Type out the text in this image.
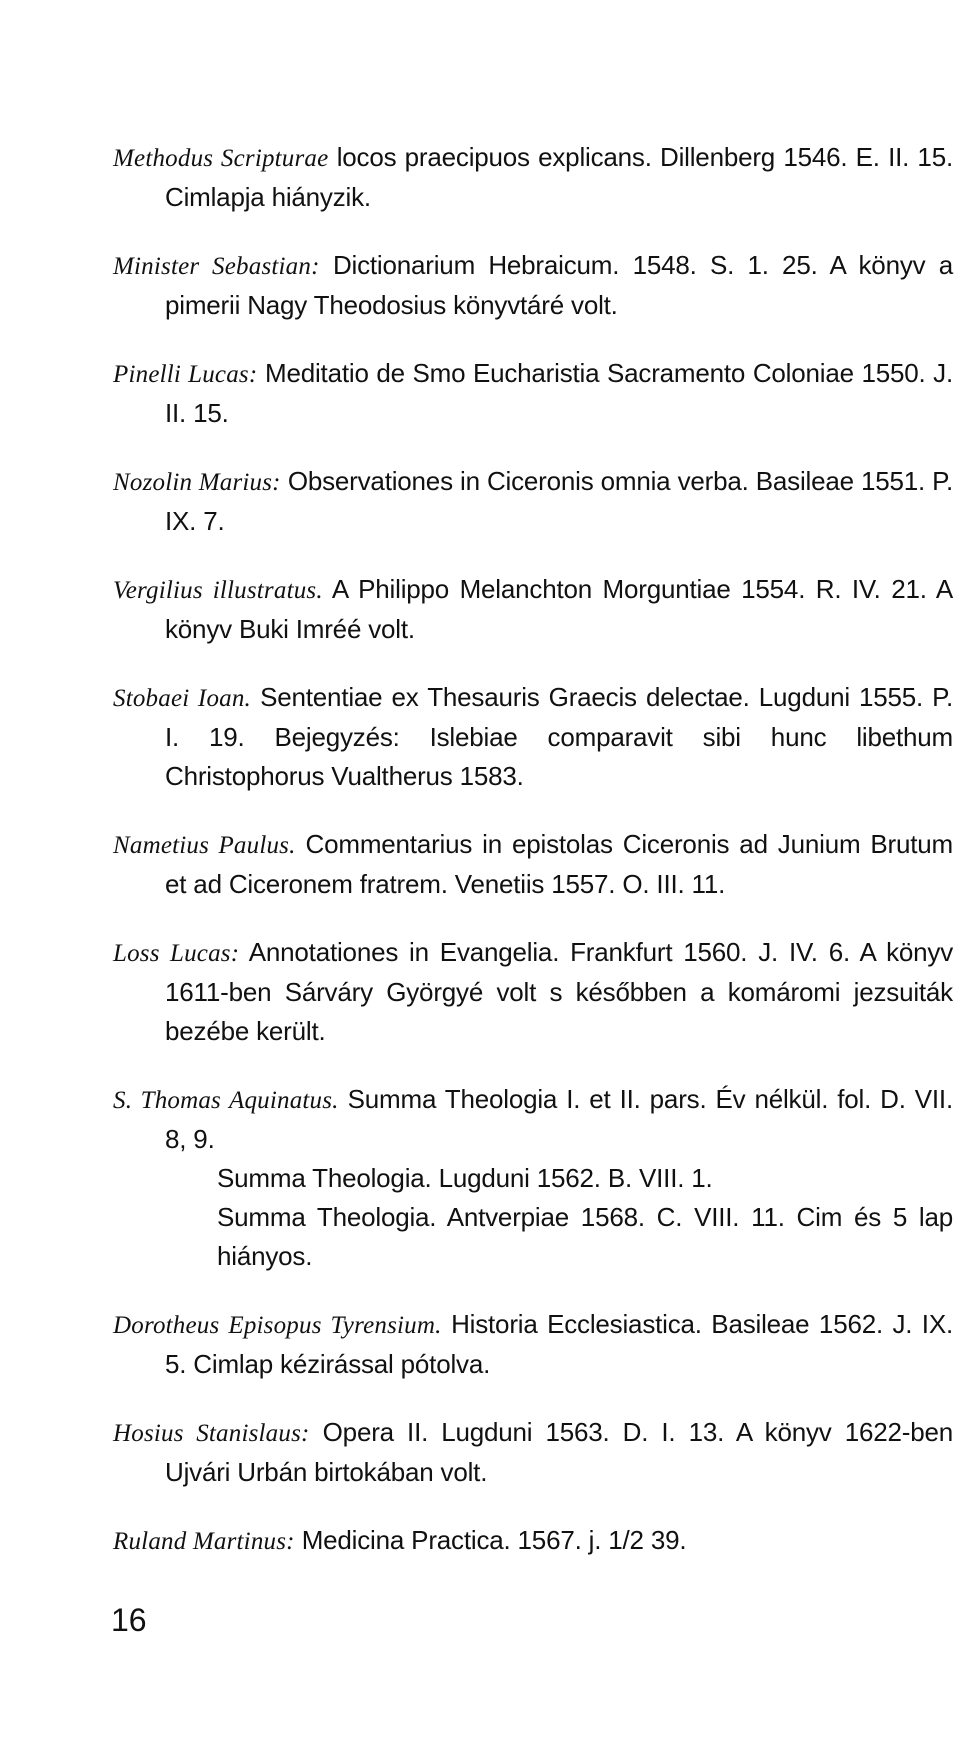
Methodus Scripturae locos praecipuos explicans. Dillenberg 1546. E. II. 15. Cimlapja hiányzik.

Minister Sebastian: Dictionarium Hebraicum. 1548. S. 1. 25. A könyv a pimerii Nagy Theodosius könyvtáré volt.

Pinelli Lucas: Meditatio de Smo Eucharistia Sacramento Coloniae 1550. J. II. 15.

Nozolin Marius: Observationes in Ciceronis omnia verba. Basileae 1551. P. IX. 7.

Vergilius illustratus. A Philippo Melanchton Morguntiae 1554. R. IV. 21. A könyv Buki Imréé volt.

Stobaei Ioan. Sententiae ex Thesauris Graecis delectae. Lugduni 1555. P. I. 19. Bejegyzés: Islebiae comparavit sibi hunc libethum Christophorus Vualtherus 1583.

Nametius Paulus. Commentarius in epistolas Ciceronis ad Junium Brutum et ad Ciceronem fratrem. Venetiis 1557. O. III. 11.

Loss Lucas: Annotationes in Evangelia. Frankfurt 1560. J. IV. 6. A könyv 1611-ben Sárváry Györgyé volt s későbben a komáromi jezsuiták bezébe került.

S. Thomas Aquinatus. Summa Theologia I. et II. pars. Év nélkül. fol. D. VII. 8, 9.
Summa Theologia. Lugduni 1562. B. VIII. 1.
Summa Theologia. Antverpiae 1568. C. VIII. 11. Cim és 5 lap hiányos.

Dorotheus Episopus Tyrensium. Historia Ecclesiastica. Basileae 1562. J. IX. 5. Cimlap kézirással pótolva.

Hosius Stanislaus: Opera II. Lugduni 1563. D. I. 13. A könyv 1622-ben Ujvári Urbán birtokában volt.

Ruland Martinus: Medicina Practica. 1567. j. 1/2 39.

16
